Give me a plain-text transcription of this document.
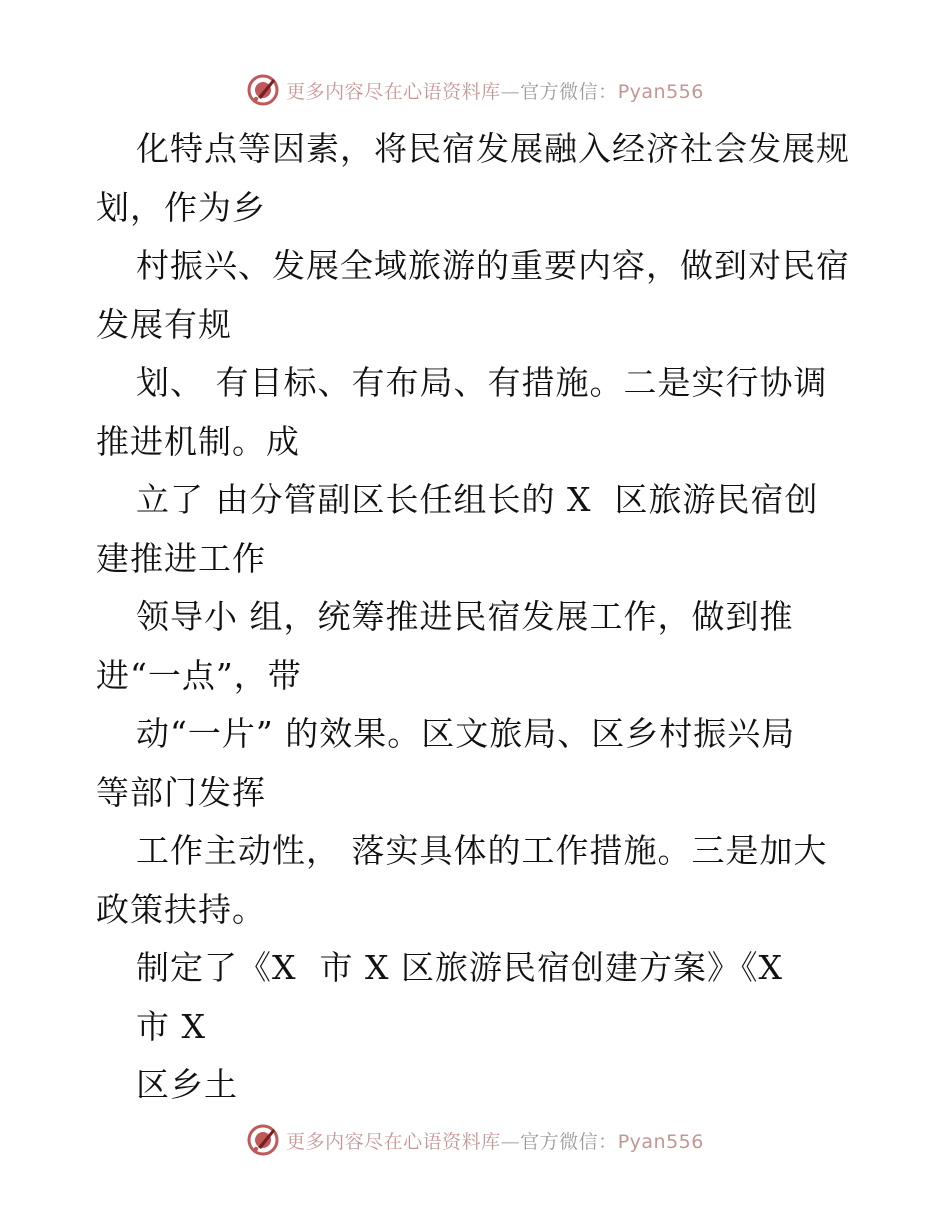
更多内容尽在心语资料库—官方微信：Pyan556
化特点等因素，将民宿发展融入经济社会发展规
划，作为乡
村振兴、发展全域旅游的重要内容，做到对民宿
发展有规
划、 有目标、有布局、有措施。二是实行协调
推进机制。成
立了 由分管副区长任组长的 X  区旅游民宿创
建推进工作
领导小 组，统筹推进民宿发展工作，做到推
进“一点”，带
动“一片” 的效果。区文旅局、区乡村振兴局
等部门发挥
工作主动性， 落实具体的工作措施。三是加大
政策扶持。
制定了《X  市 X 区旅游民宿创建方案》《X
市 X
区乡土
更多内容尽在心语资料库—官方微信：Pyan556
